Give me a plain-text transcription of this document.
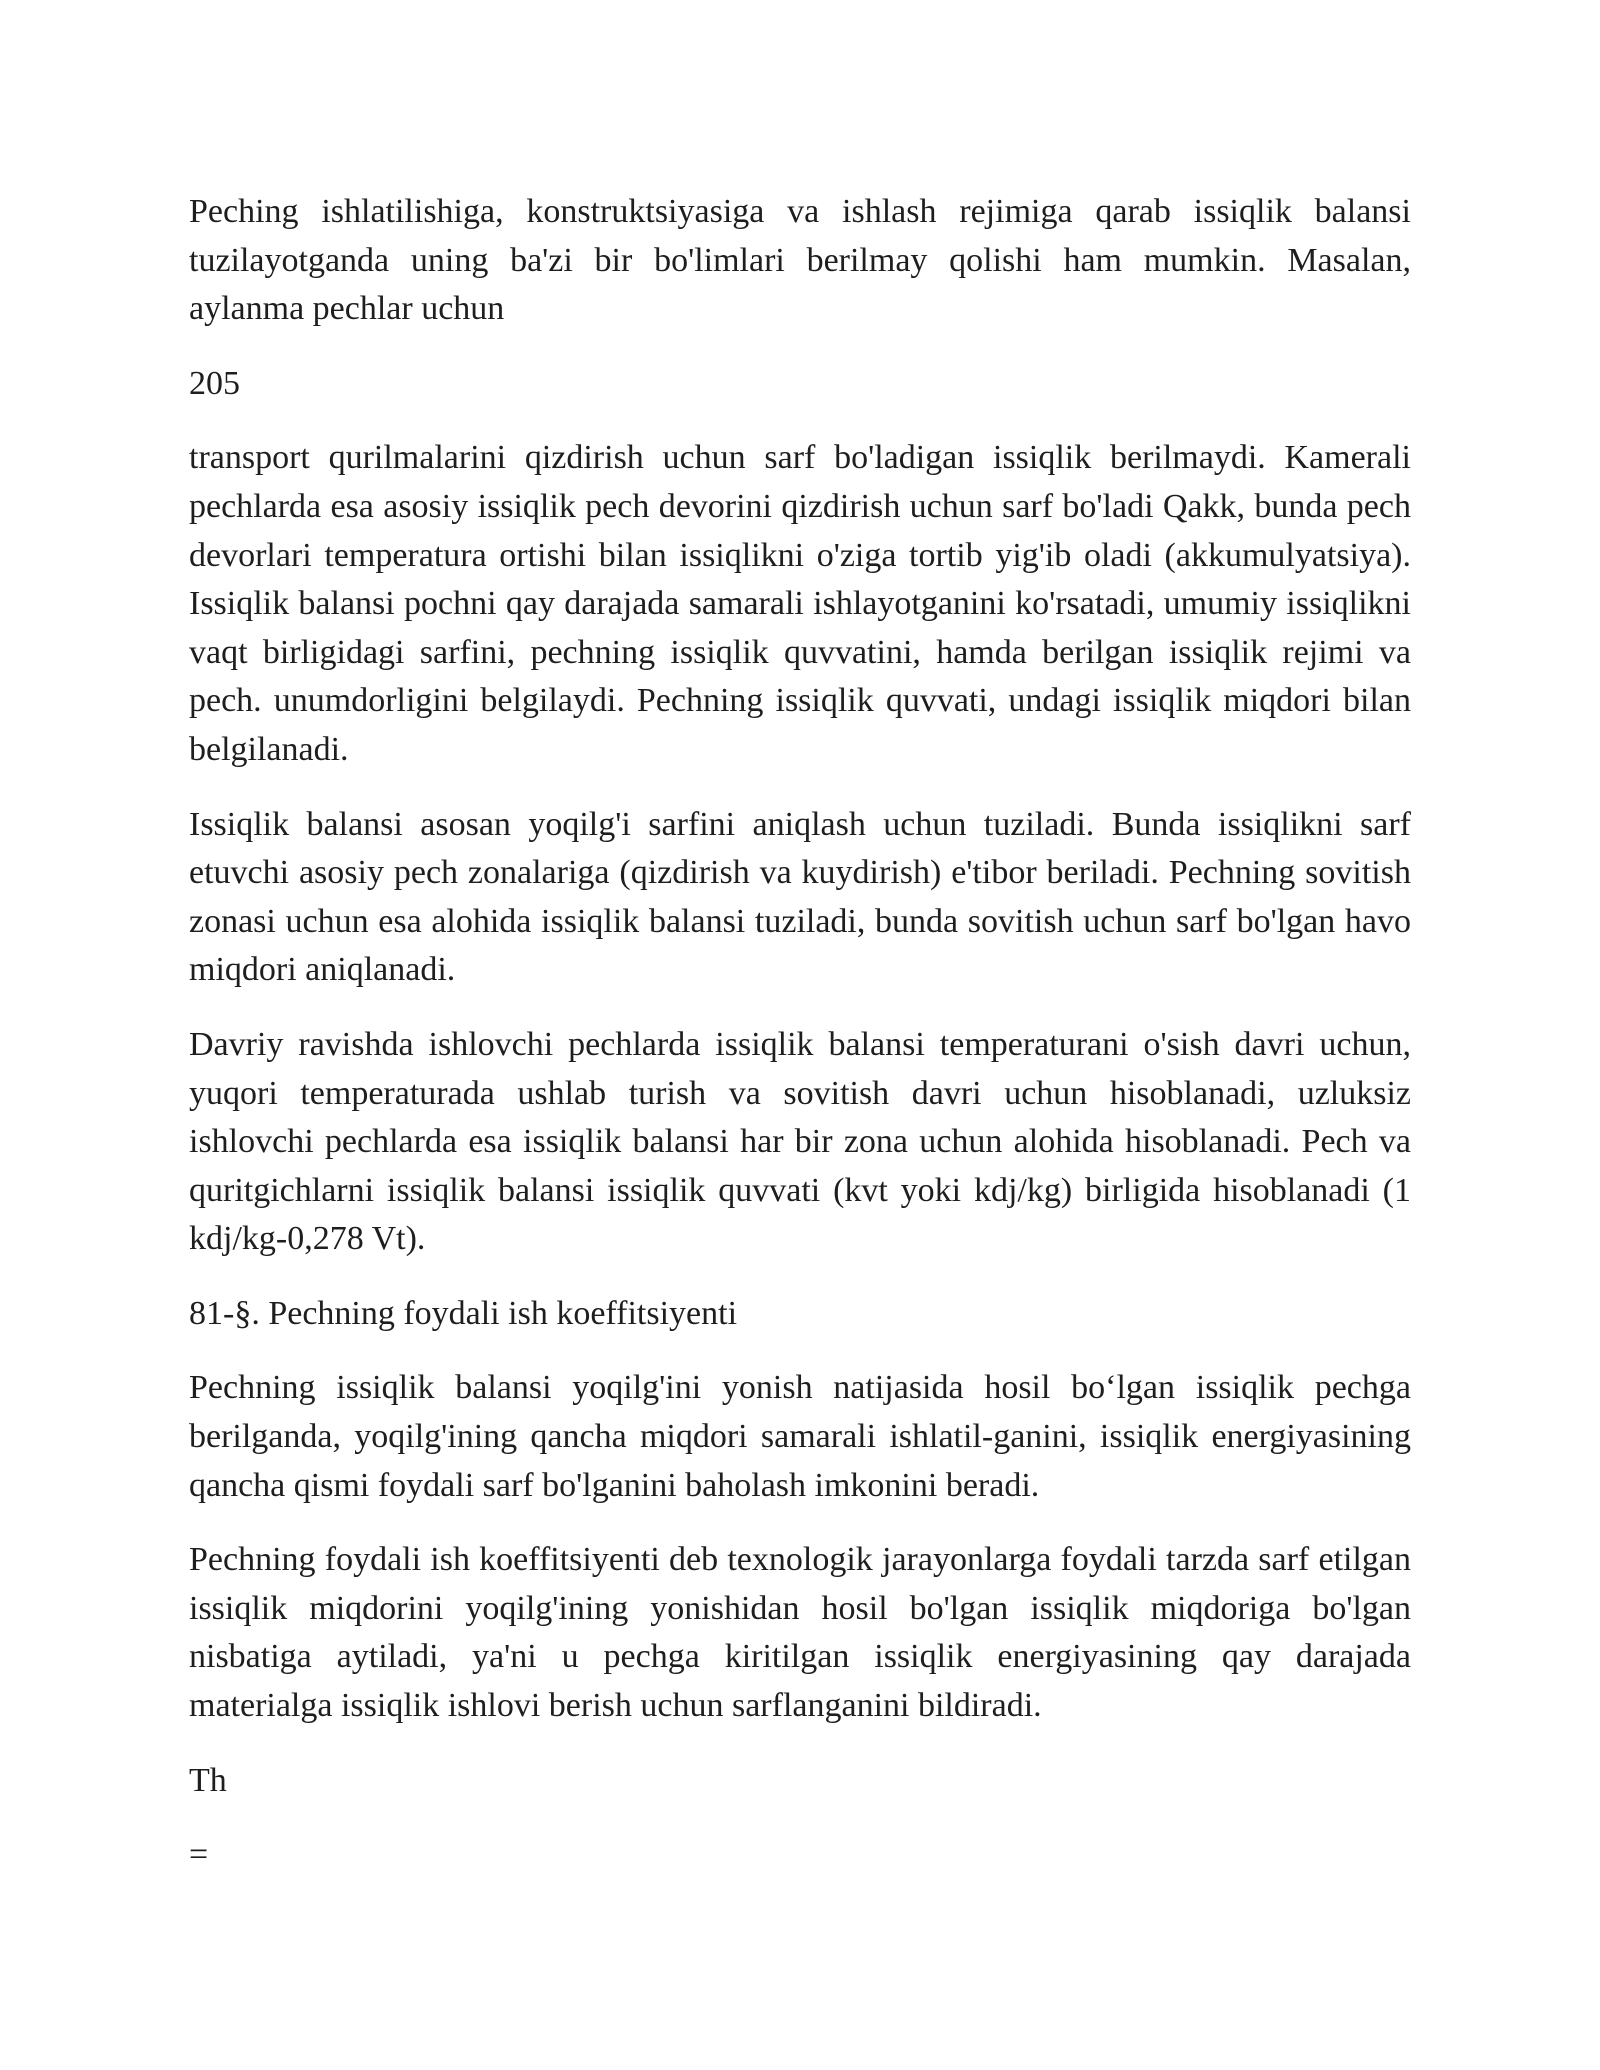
Peching ishlatilishiga, konstruktsiyasiga va ishlash rejimiga qarab issiqlik balansi tuzilayotganda uning ba'zi bir bo'limlari berilmay qolishi ham mumkin. Masalan, aylanma pechlar uchun

205

transport qurilmalarini qizdirish uchun sarf bo'ladigan issiqlik berilmaydi. Kamerali pechlarda esa asosiy issiqlik pech devorini qizdirish uchun sarf bo'ladi Qakk, bunda pech devorlari temperatura ortishi bilan issiqlikni o'ziga tortib yig'ib oladi (akkumulyatsiya). Issiqlik balansi pochni qay darajada samarali ishlayotganini ko'rsatadi, umumiy issiqlikni vaqt birligidagi sarfini, pechning issiqlik quvvatini, hamda berilgan issiqlik rejimi va pech. unumdorligini belgilaydi. Pechning issiqlik quvvati, undagi issiqlik miqdori bilan belgilanadi.

Issiqlik balansi asosan yoqilg'i sarfini aniqlash uchun tuziladi. Bunda issiqlikni sarf etuvchi asosiy pech zonalariga (qizdirish va kuydirish) e'tibor beriladi. Pechning sovitish zonasi uchun esa alohida issiqlik balansi tuziladi, bunda sovitish uchun sarf bo'lgan havo miqdori aniqlanadi.

Davriy ravishda ishlovchi pechlarda issiqlik balansi temperaturani o'sish davri uchun, yuqori temperaturada ushlab turish va sovitish davri uchun hisoblanadi, uzluksiz ishlovchi pechlarda esa issiqlik balansi har bir zona uchun alohida hisoblanadi. Pech va quritgichlarni issiqlik balansi issiqlik quvvati (kvt yoki kdj/kg) birligida hisoblanadi (1 kdj/kg-0,278 Vt).

81-§. Pechning foydali ish koeffitsiyenti

Pechning issiqlik balansi yoqilg'ini yonish natijasida hosil bo‘lgan issiqlik pechga berilganda, yoqilg'ining qancha miqdori samarali ishlatil-ganini, issiqlik energiyasining qancha qismi foydali sarf bo'lganini baholash imkonini beradi.

Pechning foydali ish koeffitsiyenti deb texnologik jarayonlarga foydali tarzda sarf etilgan issiqlik miqdorini yoqilg'ining yonishidan hosil bo'lgan issiqlik miqdoriga bo'lgan nisbatiga aytiladi, ya'ni u pechga kiritilgan issiqlik energiyasining qay darajada materialga issiqlik ishlovi berish uchun sarflanganini bildiradi.

Th

=
